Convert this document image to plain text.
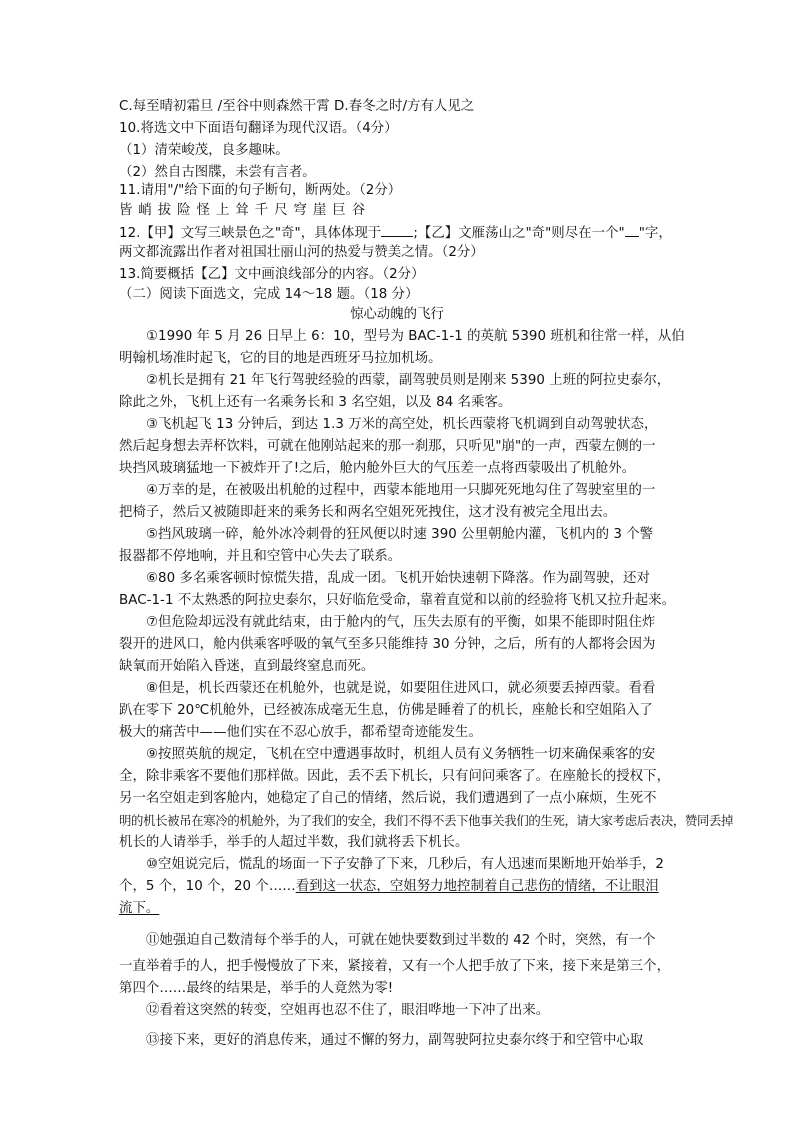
C.每至晴初霜旦 /至谷中则森然干霄 D.春冬之时/方有人见之
10.将选文中下面语句翻译为现代汉语。（4分）
（1）清荣峻茂，良多趣味。
（2）然自古图牒，未尝有言者。
11.请用"/"给下面的句子断句，断两处。（2分）
皆 峭 拔 险 怪 上 耸 千 尺 穹 崖 巨 谷
12.【甲】文写三峡景色之"奇"，具体体现于 ;【乙】文雁荡山之"奇"则尽在一个" "字，
两文都流露出作者对祖国壮丽山河的热爱与赞美之情。（2分）
13.简要概括【乙】文中画浪线部分的内容。（2分）
（二）阅读下面选文，完成 14～18 题。（18 分）
惊心动魄的飞行
①1990 年 5 月 26 日早上 6：10，型号为 BAC-1-1 的英航 5390 班机和往常一样，从伯
明翰机场准时起飞，它的目的地是西班牙马拉加机场。
②机长是拥有 21 年飞行驾驶经验的西蒙，副驾驶员则是刚来 5390 上班的阿拉史泰尔，
除此之外，飞机上还有一名乘务长和 3 名空姐，以及 84 名乘客。
③飞机起飞 13 分钟后，到达 1.3 万米的高空处，机长西蒙将飞机调到自动驾驶状态，
然后起身想去弄杯饮料，可就在他刚站起来的那一刹那，只听见"崩"的一声，西蒙左侧的一
块挡风玻璃猛地一下被炸开了!之后，舱内舱外巨大的气压差一点将西蒙吸出了机舱外。
④万幸的是，在被吸出机舱的过程中，西蒙本能地用一只脚死死地勾住了驾驶室里的一
把椅子，然后又被随即赶来的乘务长和两名空姐死死拽住，这才没有被完全甩出去。
⑤挡风玻璃一碎，舱外冰冷刺骨的狂风便以时速 390 公里朝舱内灌，飞机内的 3 个警
报器都不停地响，并且和空管中心失去了联系。
⑥80 多名乘客顿时惊慌失措，乱成一团。飞机开始快速朝下降落。作为副驾驶，还对
BAC-1-1 不太熟悉的阿拉史泰尔，只好临危受命，靠着直觉和以前的经验将飞机又拉升起来。
⑦但危险却远没有就此结束，由于舱内的气，压失去原有的平衡，如果不能即时阻住炸
裂开的进风口，舱内供乘客呼吸的氧气至多只能维持 30 分钟，之后，所有的人都将会因为
缺氧而开始陷入昏迷，直到最终窒息而死。
⑧但是，机长西蒙还在机舱外，也就是说，如要阻住进风口，就必须要丢掉西蒙。看看
趴在零下 20℃机舱外，已经被冻成毫无生息，仿佛是睡着了的机长，座舱长和空姐陷入了
极大的痛苦中——他们实在不忍心放手，都希望奇迹能发生。
⑨按照英航的规定，飞机在空中遭遇事故时，机组人员有义务牺牲一切来确保乘客的安
全，除非乘客不要他们那样做。因此，丢不丢下机长，只有问问乘客了。在座舱长的授权下，
另一名空姐走到客舱内，她稳定了自己的情绪，然后说，我们遭遇到了一点小麻烦，生死不
明的机长被吊在寒冷的机舱外，为了我们的安全，我们不得不丢下他事关我们的生死，请大家考虑后表决，赞同丢掉
机长的人请举手，举手的人超过半数，我们就将丢下机长。
⑩空姐说完后，慌乱的场面一下子安静了下来，几秒后，有人迅速而果断地开始举手，2
个，5 个，10 个，20 个……看到这一状态，空姐努力地控制着自己悲伤的情绪，不让眼泪
流下。
⑪她强迫自己数清每个举手的人，可就在她快要数到过半数的 42 个时，突然，有一个
一直举着手的人，把手慢慢放了下来，紧接着，又有一个人把手放了下来，接下来是第三个，
第四个……最终的结果是，举手的人竟然为零!
⑫看着这突然的转变，空姐再也忍不住了，眼泪哗地一下冲了出来。
⑬接下来，更好的消息传来，通过不懈的努力，副驾驶阿拉史泰尔终于和空管中心取
